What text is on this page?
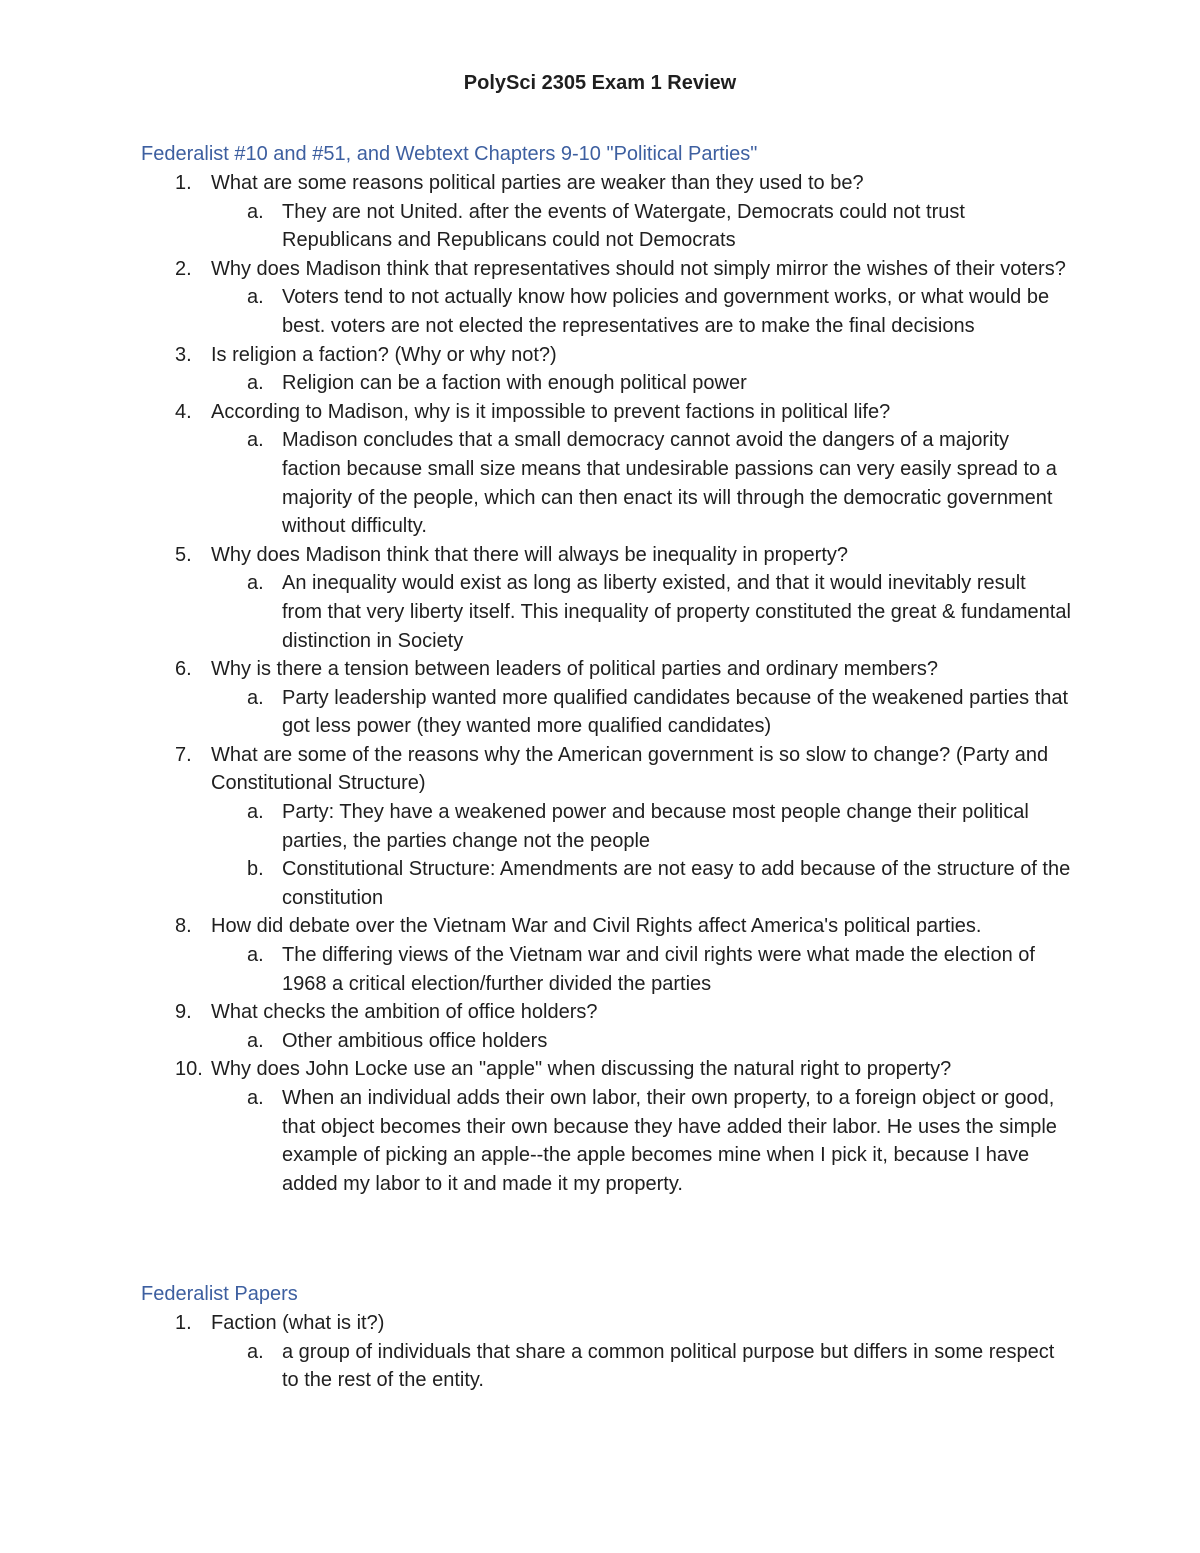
PolySci 2305 Exam 1 Review
Federalist #10 and #51, and Webtext Chapters 9-10 "Political Parties"
1. What are some reasons political parties are weaker than they used to be?
a. They are not United. after the events of Watergate, Democrats could not trust Republicans and Republicans could not Democrats
2. Why does Madison think that representatives should not simply mirror the wishes of their voters?
a. Voters tend to not actually know how policies and government works, or what would be best. voters are not elected the representatives are to make the final decisions
3. Is religion a faction? (Why or why not?)
a. Religion can be a faction with enough political power
4. According to Madison, why is it impossible to prevent factions in political life?
a. Madison concludes that a small democracy cannot avoid the dangers of a majority faction because small size means that undesirable passions can very easily spread to a majority of the people, which can then enact its will through the democratic government without difficulty.
5. Why does Madison think that there will always be inequality in property?
a. An inequality would exist as long as liberty existed, and that it would inevitably result from that very liberty itself. This inequality of property constituted the great & fundamental distinction in Society
6. Why is there a tension between leaders of political parties and ordinary members?
a. Party leadership wanted more qualified candidates because of the weakened parties that got less power (they wanted more qualified candidates)
7. What are some of the reasons why the American government is so slow to change? (Party and Constitutional Structure)
a. Party: They have a weakened power and because most people change their political parties, the parties change not the people
b. Constitutional Structure: Amendments are not easy to add because of the structure of the constitution
8. How did debate over the Vietnam War and Civil Rights affect America's political parties.
a. The differing views of the Vietnam war and civil rights were what made the election of 1968 a critical election/further divided the parties
9. What checks the ambition of office holders?
a. Other ambitious office holders
10. Why does John Locke use an "apple" when discussing the natural right to property?
a. When an individual adds their own labor, their own property, to a foreign object or good, that object becomes their own because they have added their labor. He uses the simple example of picking an apple--the apple becomes mine when I pick it, because I have added my labor to it and made it my property.
Federalist Papers
1. Faction (what is it?)
a. a group of individuals that share a common political purpose but differs in some respect to the rest of the entity.
